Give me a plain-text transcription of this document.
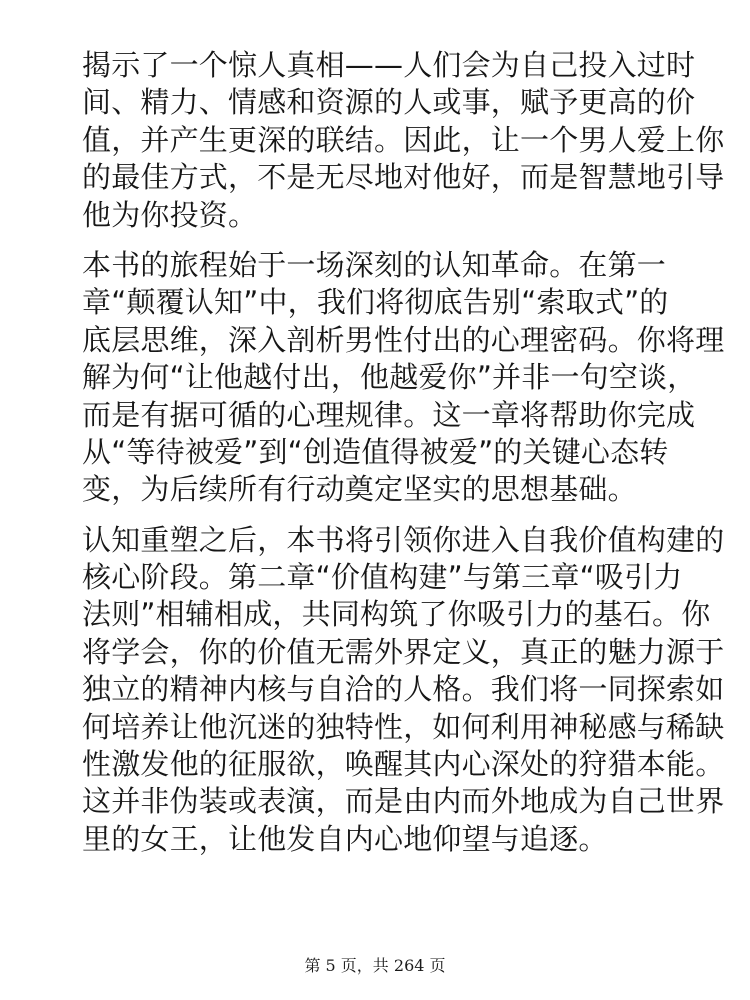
揭示了一个惊人真相——人们会为自己投入过时
间、精力、情感和资源的人或事，赋予更高的价
值，并产生更深的联结。因此，让一个男人爱上你
的最佳方式，不是无尽地对他好，而是智慧地引导
他为你投资。
本书的旅程始于一场深刻的认知革命。在第一
章“颠覆认知”中，我们将彻底告别“索取式”的
底层思维，深入剖析男性付出的心理密码。你将理
解为何“让他越付出，他越爱你”并非一句空谈，
而是有据可循的心理规律。这一章将帮助你完成
从“等待被爱”到“创造值得被爱”的关键心态转
变，为后续所有行动奠定坚实的思想基础。
认知重塑之后，本书将引领你进入自我价值构建的
核心阶段。第二章“价值构建”与第三章“吸引力
法则”相辅相成，共同构筑了你吸引力的基石。你
将学会，你的价值无需外界定义，真正的魅力源于
独立的精神内核与自洽的人格。我们将一同探索如
何培养让他沉迷的独特性，如何利用神秘感与稀缺
性激发他的征服欲，唤醒其内心深处的狩猎本能。
这并非伪装或表演，而是由内而外地成为自己世界
里的女王，让他发自内心地仰望与追逐。
第 5 页，共 264 页
